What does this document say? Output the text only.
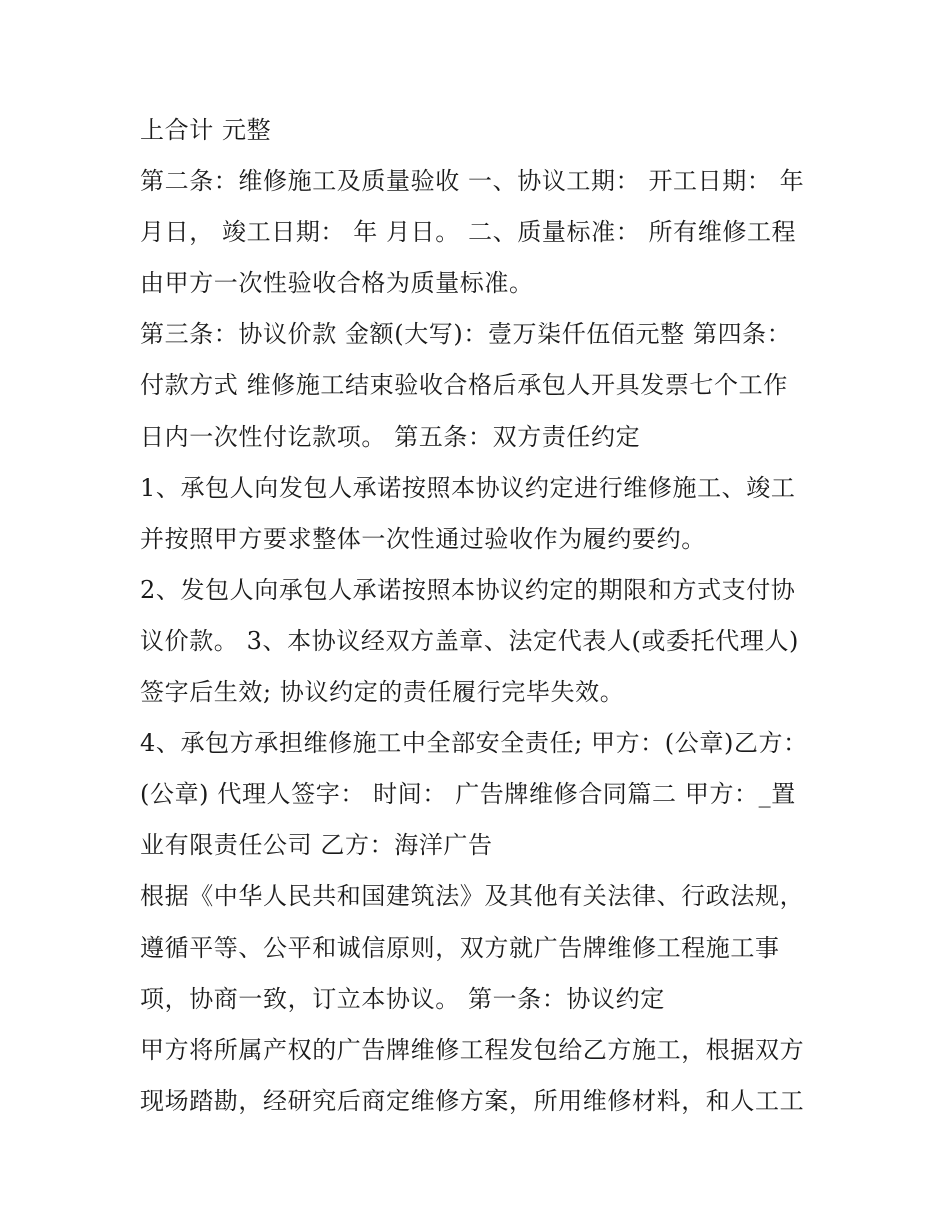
上合计 元整
第二条：维修施工及质量验收 一、协议工期： 开工日期： 年
月日， 竣工日期： 年 月日。 二、质量标准： 所有维修工程
由甲方一次性验收合格为质量标准。
第三条：协议价款 金额(大写)：壹万柒仟伍佰元整 第四条：
付款方式 维修施工结束验收合格后承包人开具发票七个工作
日内一次性付讫款项。 第五条：双方责任约定
1、承包人向发包人承诺按照本协议约定进行维修施工、竣工
并按照甲方要求整体一次性通过验收作为履约要约。
2、发包人向承包人承诺按照本协议约定的期限和方式支付协
议价款。 3、本协议经双方盖章、法定代表人(或委托代理人)
签字后生效; 协议约定的责任履行完毕失效。
4、承包方承担维修施工中全部安全责任; 甲方：(公章)乙方：
(公章) 代理人签字： 时间： 广告牌维修合同篇二 甲方：_置
业有限责任公司 乙方：海洋广告
根据《中华人民共和国建筑法》及其他有关法律、行政法规，
遵循平等、公平和诚信原则，双方就广告牌维修工程施工事
项，协商一致，订立本协议。 第一条：协议约定
甲方将所属产权的广告牌维修工程发包给乙方施工，根据双方
现场踏勘，经研究后商定维修方案，所用维修材料，和人工工
